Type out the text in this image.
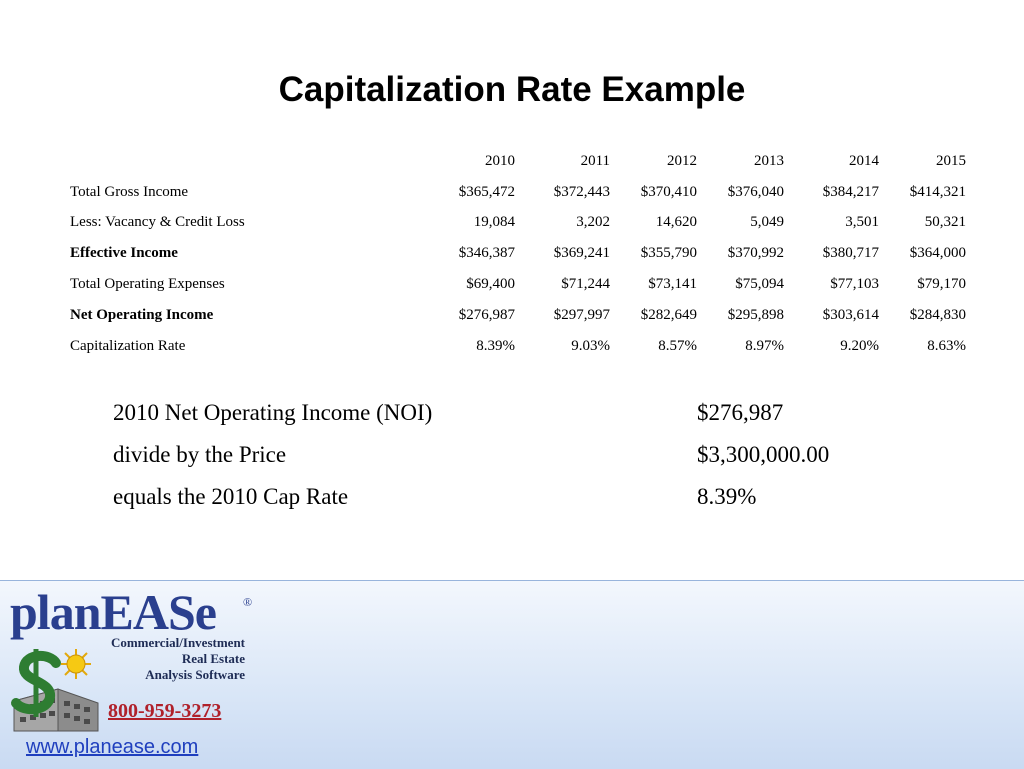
Capitalization Rate Example
	2010	2011	2012	2013	2014	2015
Total Gross Income	$365,472	$372,443	$370,410	$376,040	$384,217	$414,321
Less: Vacancy & Credit Loss	19,084	3,202	14,620	5,049	3,501	50,321
Effective Income	$346,387	$369,241	$355,790	$370,992	$380,717	$364,000
Total Operating Expenses	$69,400	$71,244	$73,141	$75,094	$77,103	$79,170
Net Operating Income	$276,987	$297,997	$282,649	$295,898	$303,614	$284,830
Capitalization Rate	8.39%	9.03%	8.57%	8.97%	9.20%	8.63%
2010 Net Operating Income (NOI)	$276,987
divide by the Price	$3,300,000.00
equals the 2010 Cap Rate	8.39%
planEASe ®
Commercial/Investment
Real Estate
Analysis Software
800-959-3273
www.planease.com
